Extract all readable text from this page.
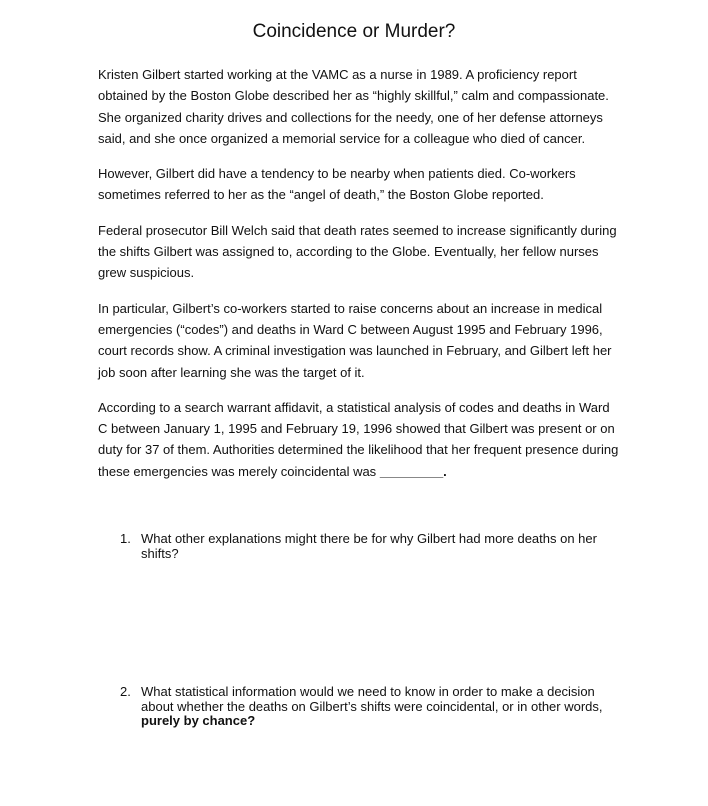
Coincidence or Murder?

Kristen Gilbert started working at the VAMC as a nurse in 1989. A proficiency report obtained by the Boston Globe described her as “highly skillful,” calm and compassionate. She organized charity drives and collections for the needy, one of her defense attorneys said, and she once organized a memorial service for a colleague who died of cancer.

However, Gilbert did have a tendency to be nearby when patients died. Co-workers sometimes referred to her as the “angel of death,” the Boston Globe reported.

Federal prosecutor Bill Welch said that death rates seemed to increase significantly during the shifts Gilbert was assigned to, according to the Globe. Eventually, her fellow nurses grew suspicious.

In particular, Gilbert’s co-workers started to raise concerns about an increase in medical emergencies (“codes”) and deaths in Ward C between August 1995 and February 1996, court records show. A criminal investigation was launched in February, and Gilbert left her job soon after learning she was the target of it.

According to a search warrant affidavit, a statistical analysis of codes and deaths in Ward C between January 1, 1995 and February 19, 1996 showed that Gilbert was present or on duty for 37 of them. Authorities determined the likelihood that her frequent presence during these emergencies was merely coincidental was _________.

1. What other explanations might there be for why Gilbert had more deaths on her shifts?
2. What statistical information would we need to know in order to make a decision about whether the deaths on Gilbert’s shifts were coincidental, or in other words, purely by chance?
